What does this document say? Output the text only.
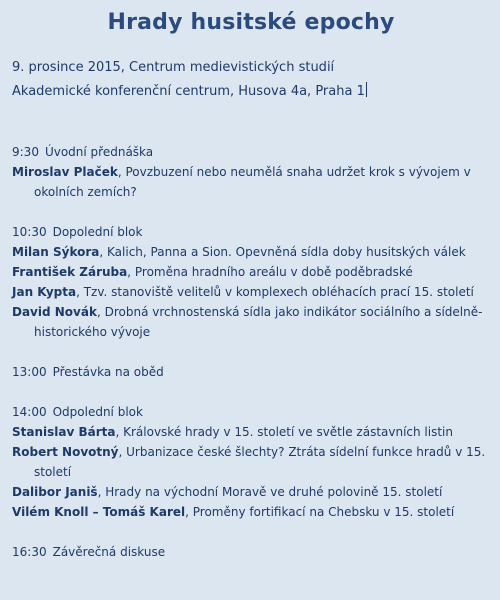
Hrady husitské epochy
9. prosince 2015, Centrum medievistických studií
Akademické konferenční centrum, Husova 4a, Praha 1
9:30 Úvodní přednáška
Miroslav Plaček, Povzbuzení nebo neumělá snaha udržet krok s vývojem v okolních zemích?
10:30 Dopolední blok
Milan Sýkora, Kalich, Panna a Sion. Opevněná sídla doby husitských válek
František Záruba, Proměna hradního areálu v době poděbradské
Jan Kypta, Tzv. stanoviště velitelů v komplexech obléhacích prací 15. století
David Novák, Drobná vrchnostenská sídla jako indikátor sociálního a sídelně-historického vývoje
13:00 Přestávka na oběd
14:00 Odpolední blok
Stanislav Bárta, Královské hrady v 15. století ve světle zástavních listin
Robert Novotný, Urbanizace české šlechty? Ztráta sídelní funkce hradů v 15. století
Dalibor Janiš, Hrady na východní Moravě ve druhé polovině 15. století
Vilém Knoll – Tomáš Karel, Proměny fortifikací na Chebsku v 15. století
16:30 Závěrečná diskuse
